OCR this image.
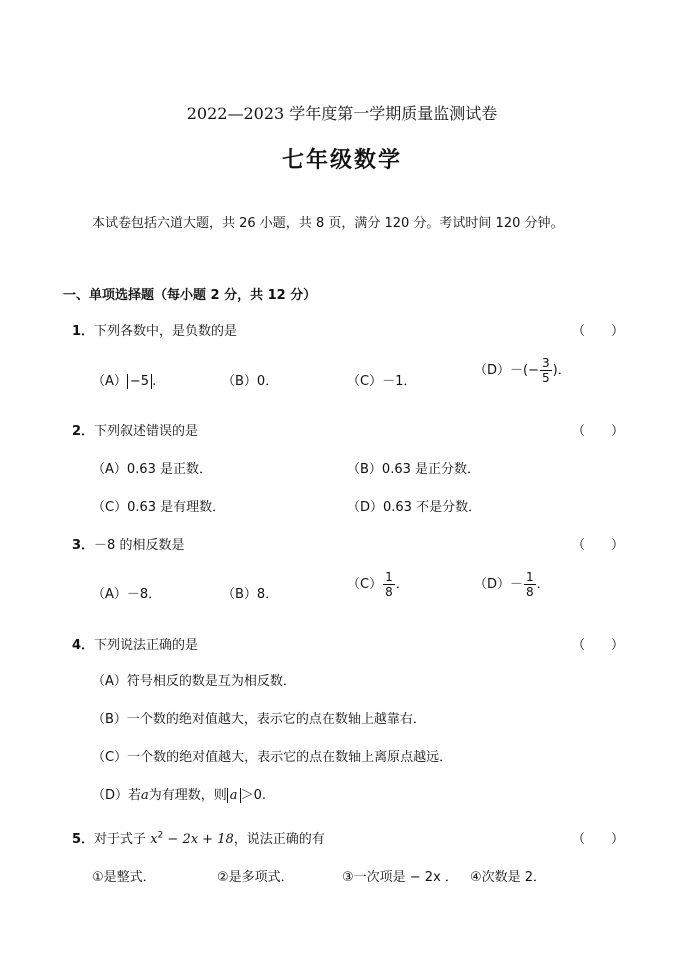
2022—2023 学年度第一学期质量监测试卷
七年级数学
本试卷包括六道大题，共 26 小题，共 8 页，满分 120 分。考试时间 120 分钟。
一、单项选择题（每小题 2 分，共 12 分）
1．下列各数中，是负数的是	（　　）
（A） −5 .	（B）0．	（C）－1．
$(D)-(- \frac{3}{5}$ )．
2．下列叙述错误的是	（　　）
（A）0.63 是正数．	（B）0.63 是正分数．
（C）0.63 是有理数．	（D）0.63 不是分数．
3．－8 的相反数是	（　　）
（A）－8．	（B）8．
$(C) \frac{1}{8}$ ．	$(D)- \frac{1}{8}$ ．
4．下列说法正确的是	（　　）
（A）符号相反的数是互为相反数．
（B）一个数的绝对值越大，表示它的点在数轴上越靠右．
（C）一个数的绝对值越大，表示它的点在数轴上离原点越远．
（D）若a为有理数，则 a ＞0.
5．对于式子 $x^2 - 2x + 18$，说法正确的有	（　　）
①是整式．	②是多项式．	③一次项是 − 2x ． ④次数是 2．
